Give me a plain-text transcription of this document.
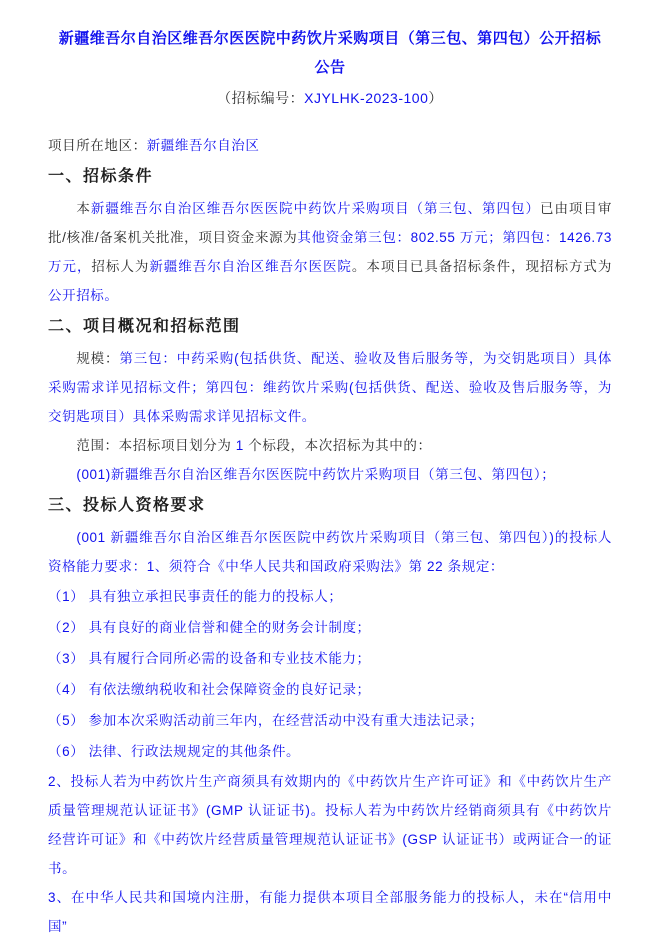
新疆维吾尔自治区维吾尔医医院中药饮片采购项目（第三包、第四包）公开招标公告
（招标编号：XJYLHK-2023-100）

项目所在地区：新疆维吾尔自治区

一、招标条件

本新疆维吾尔自治区维吾尔医医院中药饮片采购项目（第三包、第四包）已由项目审批/核准/备案机关批准，项目资金来源为其他资金第三包：802.55 万元；第四包：1426.73 万元，招标人为新疆维吾尔自治区维吾尔医医院。本项目已具备招标条件，现招标方式为公开招标。

二、项目概况和招标范围

规模：第三包：中药采购(包括供货、配送、验收及售后服务等，为交钥匙项目）具体采购需求详见招标文件；第四包：维药饮片采购(包括供货、配送、验收及售后服务等，为交钥匙项目）具体采购需求详见招标文件。

范围：本招标项目划分为 1 个标段，本次招标为其中的：

(001)新疆维吾尔自治区维吾尔医医院中药饮片采购项目（第三包、第四包）；

三、投标人资格要求

(001 新疆维吾尔自治区维吾尔医医院中药饮片采购项目（第三包、第四包）)的投标人资格能力要求：1、须符合《中华人民共和国政府采购法》第 22 条规定：

（1） 具有独立承担民事责任的能力的投标人；

（2） 具有良好的商业信誉和健全的财务会计制度；

（3） 具有履行合同所必需的设备和专业技术能力；

（4） 有依法缴纳税收和社会保障资金的良好记录；

（5） 参加本次采购活动前三年内，在经营活动中没有重大违法记录；

（6） 法律、行政法规规定的其他条件。

2、投标人若为中药饮片生产商须具有效期内的《中药饮片生产许可证》和《中药饮片生产质量管理规范认证证书》(GMP 认证证书)。投标人若为中药饮片经销商须具有《中药饮片经营许可证》和《中药饮片经营质量管理规范认证证书》(GSP 认证证书）或两证合一的证书。

3、在中华人民共和国境内注册，有能力提供本项目全部服务能力的投标人，未在“信用中国”
